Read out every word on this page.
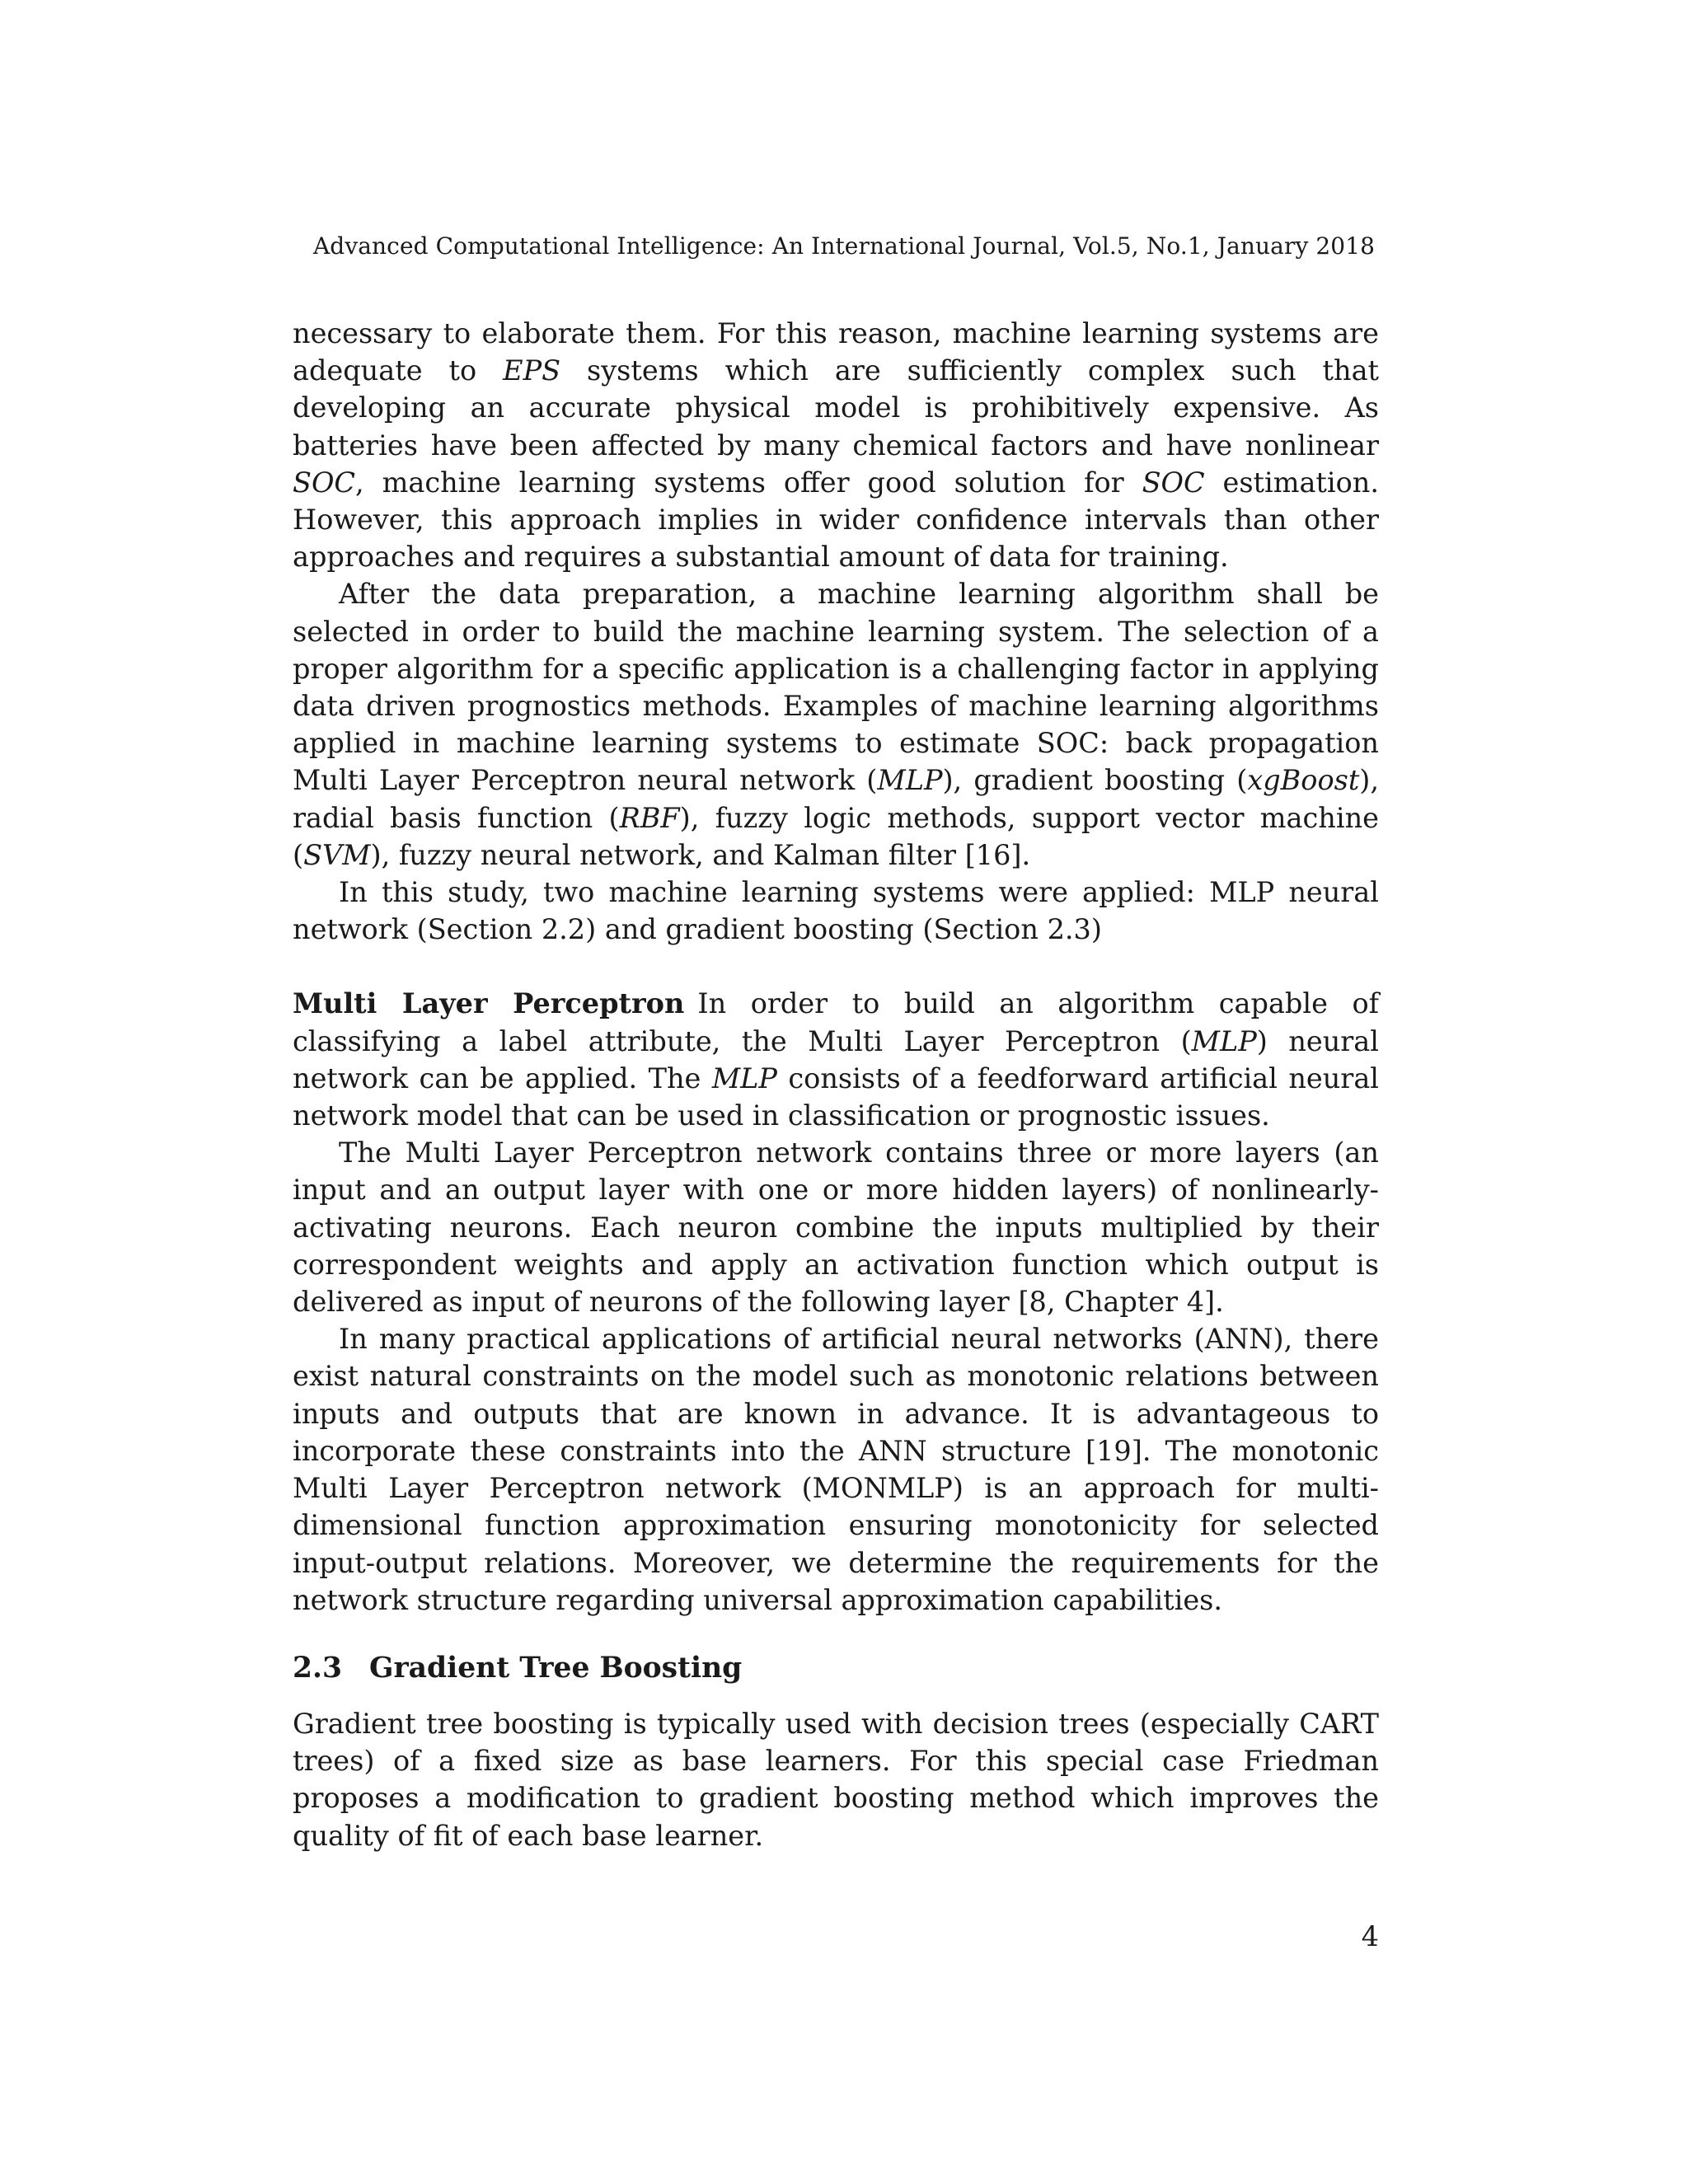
Advanced Computational Intelligence: An International Journal, Vol.5, No.1, January 2018

necessary to elaborate them. For this reason, machine learning systems are adequate to EPS systems which are sufficiently complex such that developing an accurate physical model is prohibitively expensive. As batteries have been affected by many chemical factors and have nonlinear SOC, machine learning systems offer good solution for SOC estimation. However, this approach implies in wider confidence intervals than other approaches and requires a substantial amount of data for training.

After the data preparation, a machine learning algorithm shall be selected in order to build the machine learning system. The selection of a proper algorithm for a specific application is a challenging factor in applying data driven prognostics methods. Examples of machine learning algorithms applied in machine learning systems to estimate SOC: back propagation Multi Layer Perceptron neural network (MLP), gradient boosting (xgBoost), radial basis function (RBF), fuzzy logic methods, support vector machine (SVM), fuzzy neural network, and Kalman filter [16].

In this study, two machine learning systems were applied: MLP neural network (Section 2.2) and gradient boosting (Section 2.3)

Multi Layer Perceptron In order to build an algorithm capable of classifying a label attribute, the Multi Layer Perceptron (MLP) neural network can be applied. The MLP consists of a feedforward artificial neural network model that can be used in classification or prognostic issues.

The Multi Layer Perceptron network contains three or more layers (an input and an output layer with one or more hidden layers) of nonlinearly-activating neurons. Each neuron combine the inputs multiplied by their correspondent weights and apply an activation function which output is delivered as input of neurons of the following layer [8, Chapter 4].

In many practical applications of artificial neural networks (ANN), there exist natural constraints on the model such as monotonic relations between inputs and outputs that are known in advance. It is advantageous to incorporate these constraints into the ANN structure [19]. The monotonic Multi Layer Perceptron network (MONMLP) is an approach for multi-dimensional function approximation ensuring monotonicity for selected input-output relations. Moreover, we determine the requirements for the network structure regarding universal approximation capabilities.

2.3 Gradient Tree Boosting

Gradient tree boosting is typically used with decision trees (especially CART trees) of a fixed size as base learners. For this special case Friedman proposes a modification to gradient boosting method which improves the quality of fit of each base learner.

4
